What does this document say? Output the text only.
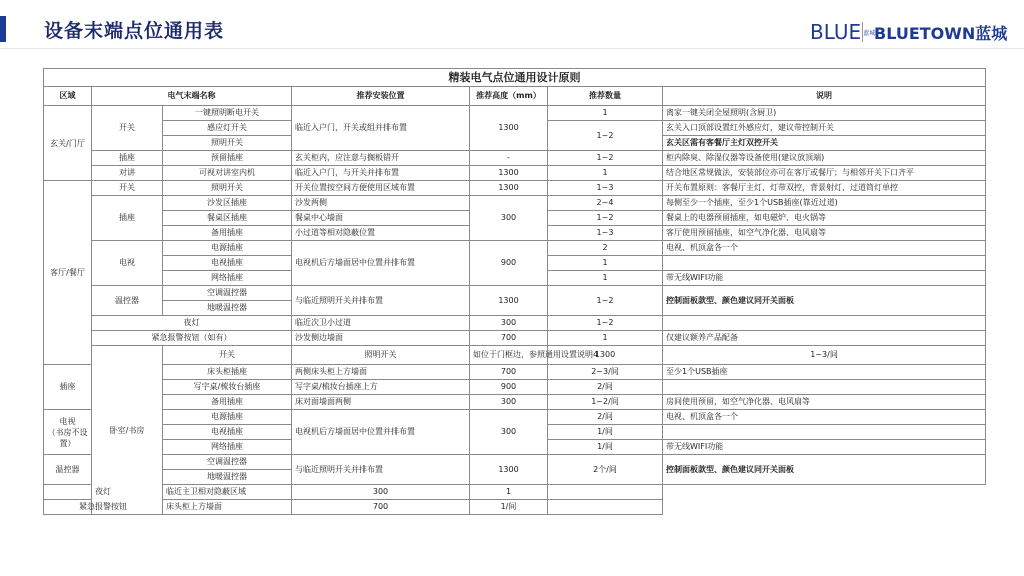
设备末端点位通用表	BLUE 蓝城
BLUETOWN蓝城
精装电气点位通用设计原则							
区域	电气末端名称		推荐安装位置	推荐高度（mm）	推荐数量	说明	
玄关/门厅	开关	一键照明断电开关	临近入户门，开关或组并排布置	1300	1	离家一键关闭全屋照明(含厨卫)	
		感应灯开关			1~2	玄关入口顶部设置红外感应灯，建议带控制开关	
		照明开关				玄关区需有客餐厅主灯双控开关	
	插座	预留插座	玄关柜内，应注意与搁板错开	-	1~2	柜内除臭、除湿仪器等设备使用(建议放顶端)	
	对讲	可视对讲室内机	临近入户门，与开关并排布置	1300	1	结合地区常规做法，安装部位亦可在客厅或餐厅；与相邻开关下口齐平	

客厅/餐厅	开关	照明开关	开关位置按空间方便使用区域布置	1300	1~3	开关布置原则：客餐厅主灯、灯带双控，背景射灯、过道筒灯单控	
	插座	沙发区插座	沙发两侧	300	2~4	每侧至少一个插座，至少1个USB插座(靠近过道)	
		餐桌区插座	餐桌中心墙面		1~2	餐桌上的电器预留插座，如电磁炉、电火锅等	
		备用插座	小过道等相对隐蔽位置		1~3	客厅使用预留插座，如空气净化器、电风扇等	
	电视	电源插座	电视机后方墙面居中位置并排布置	900	2	电视、机顶盒各一个	
		电视插座			1		
		网络插座			1	带无线WIFI功能	
	温控器	空调温控器	与临近照明开关并排布置	1300	1~2	控制面板款型、颜色建议同开关面板	
		地暖温控器					
	夜灯		临近次卫小过道	300	1~2		
	紧急报警按钮（如有）		沙发侧边墙面	700	1	仅建议额养产品配备	
	卧室/书房	开关	照明开关	如位于门框边，参照通用设置说明4	1300	1~3/间	
插座		床头柜插座	两侧床头柜上方墙面	700	2~3/间	至少1个USB插座	
		写字桌/梳妆台插座	写字桌/梳妆台插座上方	900	2/间		
		备用插座	床对面墙面两侧	300	1~2/间	房间使用预留，如空气净化器、电风扇等	
电视
（书房不设置）		电源插座	电视机后方墙面居中位置并排布置	300	2/间	电视、机顶盒各一个	
		电视插座			1/间		
		网络插座			1/间	带无线WIFI功能	
温控器		空调温控器	与临近照明开关并排布置	1300	2个/间	控制面板款型、颜色建议同开关面板	
		地暖温控器					
夜灯		临近主卫相对隐蔽区域	300	1			
紧急报警按钮		床头柜上方墙面	700	1/间			
